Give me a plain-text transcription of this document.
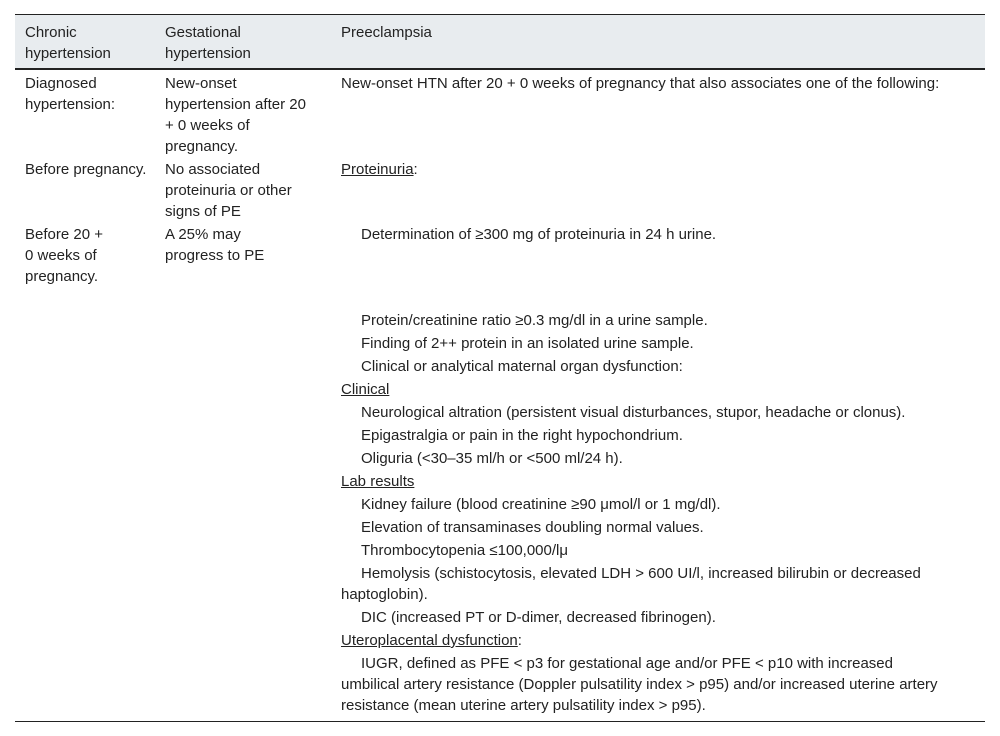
Chronic hypertension
Gestational hypertension
Preeclampsia
Diagnosed hypertension:
Before pregnancy.
Before 20 + 0 weeks of pregnancy.
New-onset hypertension after 20 + 0 weeks of pregnancy.
No associated proteinuria or other signs of PE
A 25% may progress to PE
New-onset HTN after 20 + 0 weeks of pregnancy that also associates one of the following:
Proteinuria:
Determination of ≥300 mg of proteinuria in 24 h urine.
Protein/creatinine ratio ≥0.3 mg/dl in a urine sample.
Finding of 2++ protein in an isolated urine sample.
Clinical or analytical maternal organ dysfunction:
Clinical
Neurological altration (persistent visual disturbances, stupor, headache or clonus).
Epigastralgia or pain in the right hypochondrium.
Oliguria (<30–35 ml/h or <500 ml/24 h).
Lab results
Kidney failure (blood creatinine ≥90 μmol/l or 1 mg/dl).
Elevation of transaminases doubling normal values.
Thrombocytopenia ≤100,000/lμ
Hemolysis (schistocytosis, elevated LDH > 600 UI/l, increased bilirubin or decreased haptoglobin).
DIC (increased PT or D-dimer, decreased fibrinogen).
Uteroplacental dysfunction:
IUGR, defined as PFE < p3 for gestational age and/or PFE < p10 with increased umbilical artery resistance (Doppler pulsatility index > p95) and/or increased uterine artery resistance (mean uterine artery pulsatility index > p95).
